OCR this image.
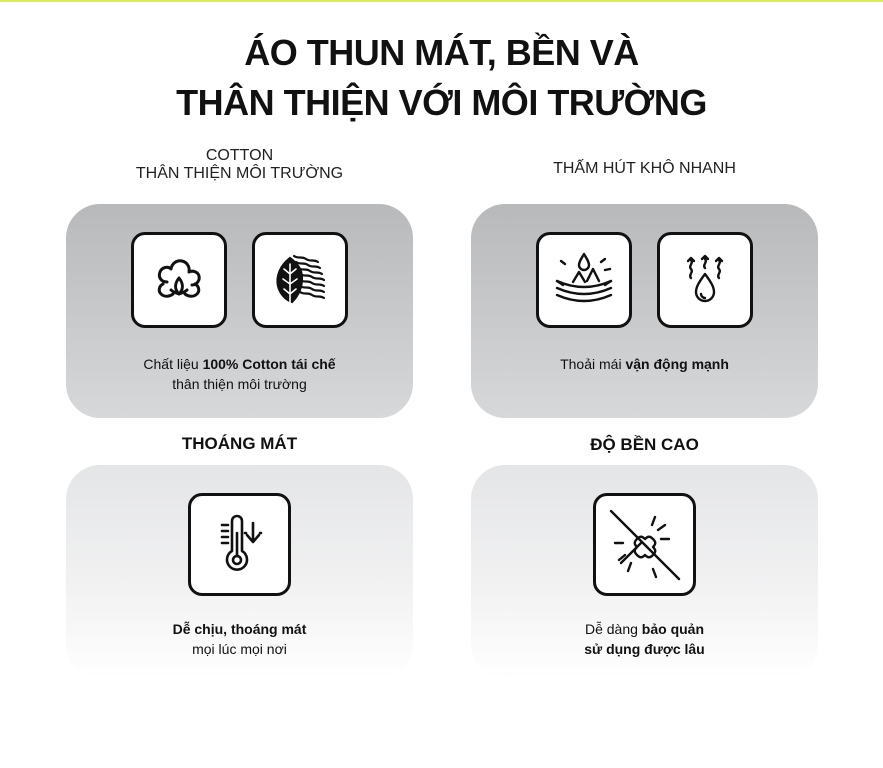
ÁO THUN MÁT, BỀN VÀ
THÂN THIỆN VỚI MÔI TRƯỜNG
COTTON
THÂN THIỆN MÔI TRƯỜNG	THẤM HÚT KHÔ NHANH
Chất liệu 100% Cotton tái chế
thân thiện môi trường
Thoải mái vận động mạnh
THOÁNG MÁT	ĐỘ BỀN CAO
Dễ chịu, thoáng mát
mọi lúc mọi nơi
Dễ dàng bảo quản
sử dụng được lâu
